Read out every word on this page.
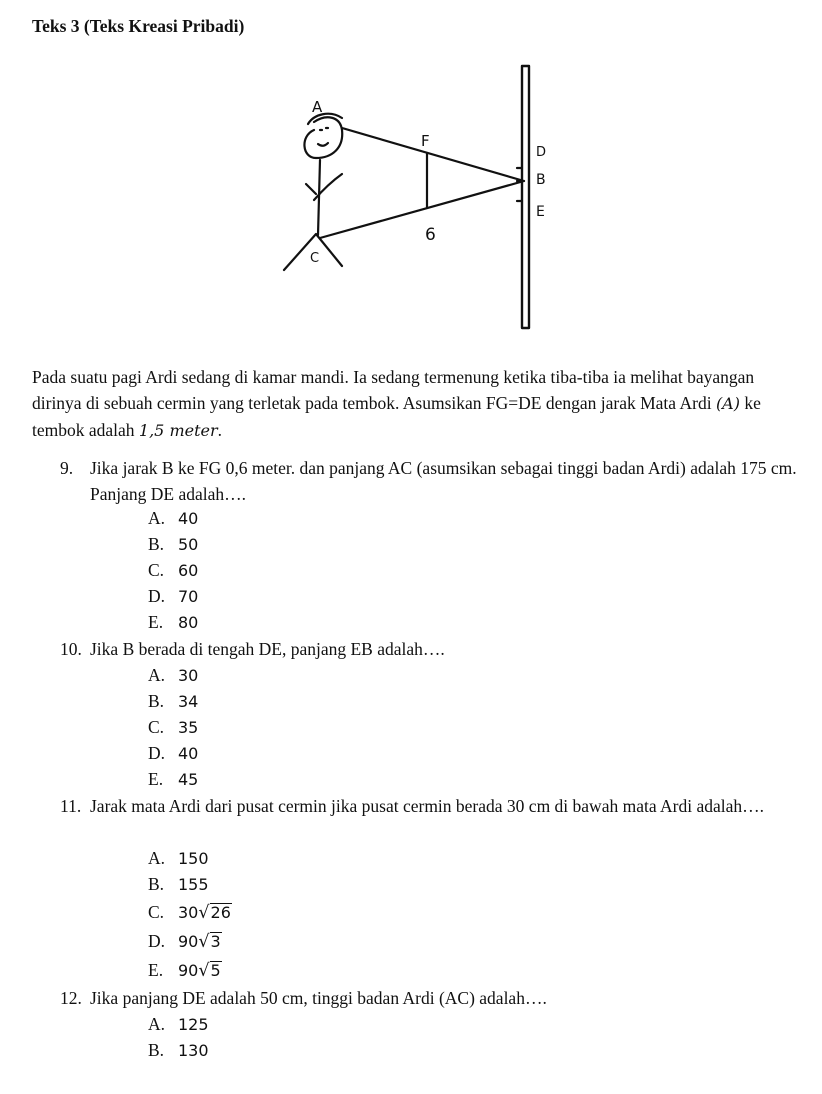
Teks 3 (Teks Kreasi Pribadi)
A
C
F
6
D
B
E
Pada suatu pagi Ardi sedang di kamar mandi. Ia sedang termenung ketika tiba-tiba ia melihat bayangan dirinya di sebuah cermin yang terletak pada tembok. Asumsikan FG=DE dengan jarak Mata Ardi (A) ke tembok adalah 1,5 meter.
9. Jika jarak B ke FG 0,6 meter. dan panjang AC (asumsikan sebagai tinggi badan Ardi) adalah 175 cm. Panjang DE adalah….
A. 40
B. 50
C. 60
D. 70
E. 80
10. Jika B berada di tengah DE, panjang EB adalah….
A. 30
B. 34
C. 35
D. 40
E. 45
11. Jarak mata Ardi dari pusat cermin jika pusat cermin berada 30 cm di bawah mata Ardi adalah….
A. 150
B. 155
C. 30√26
D. 90√3
E. 90√5
12. Jika panjang DE adalah 50 cm, tinggi badan Ardi (AC) adalah….
A. 125
B. 130
